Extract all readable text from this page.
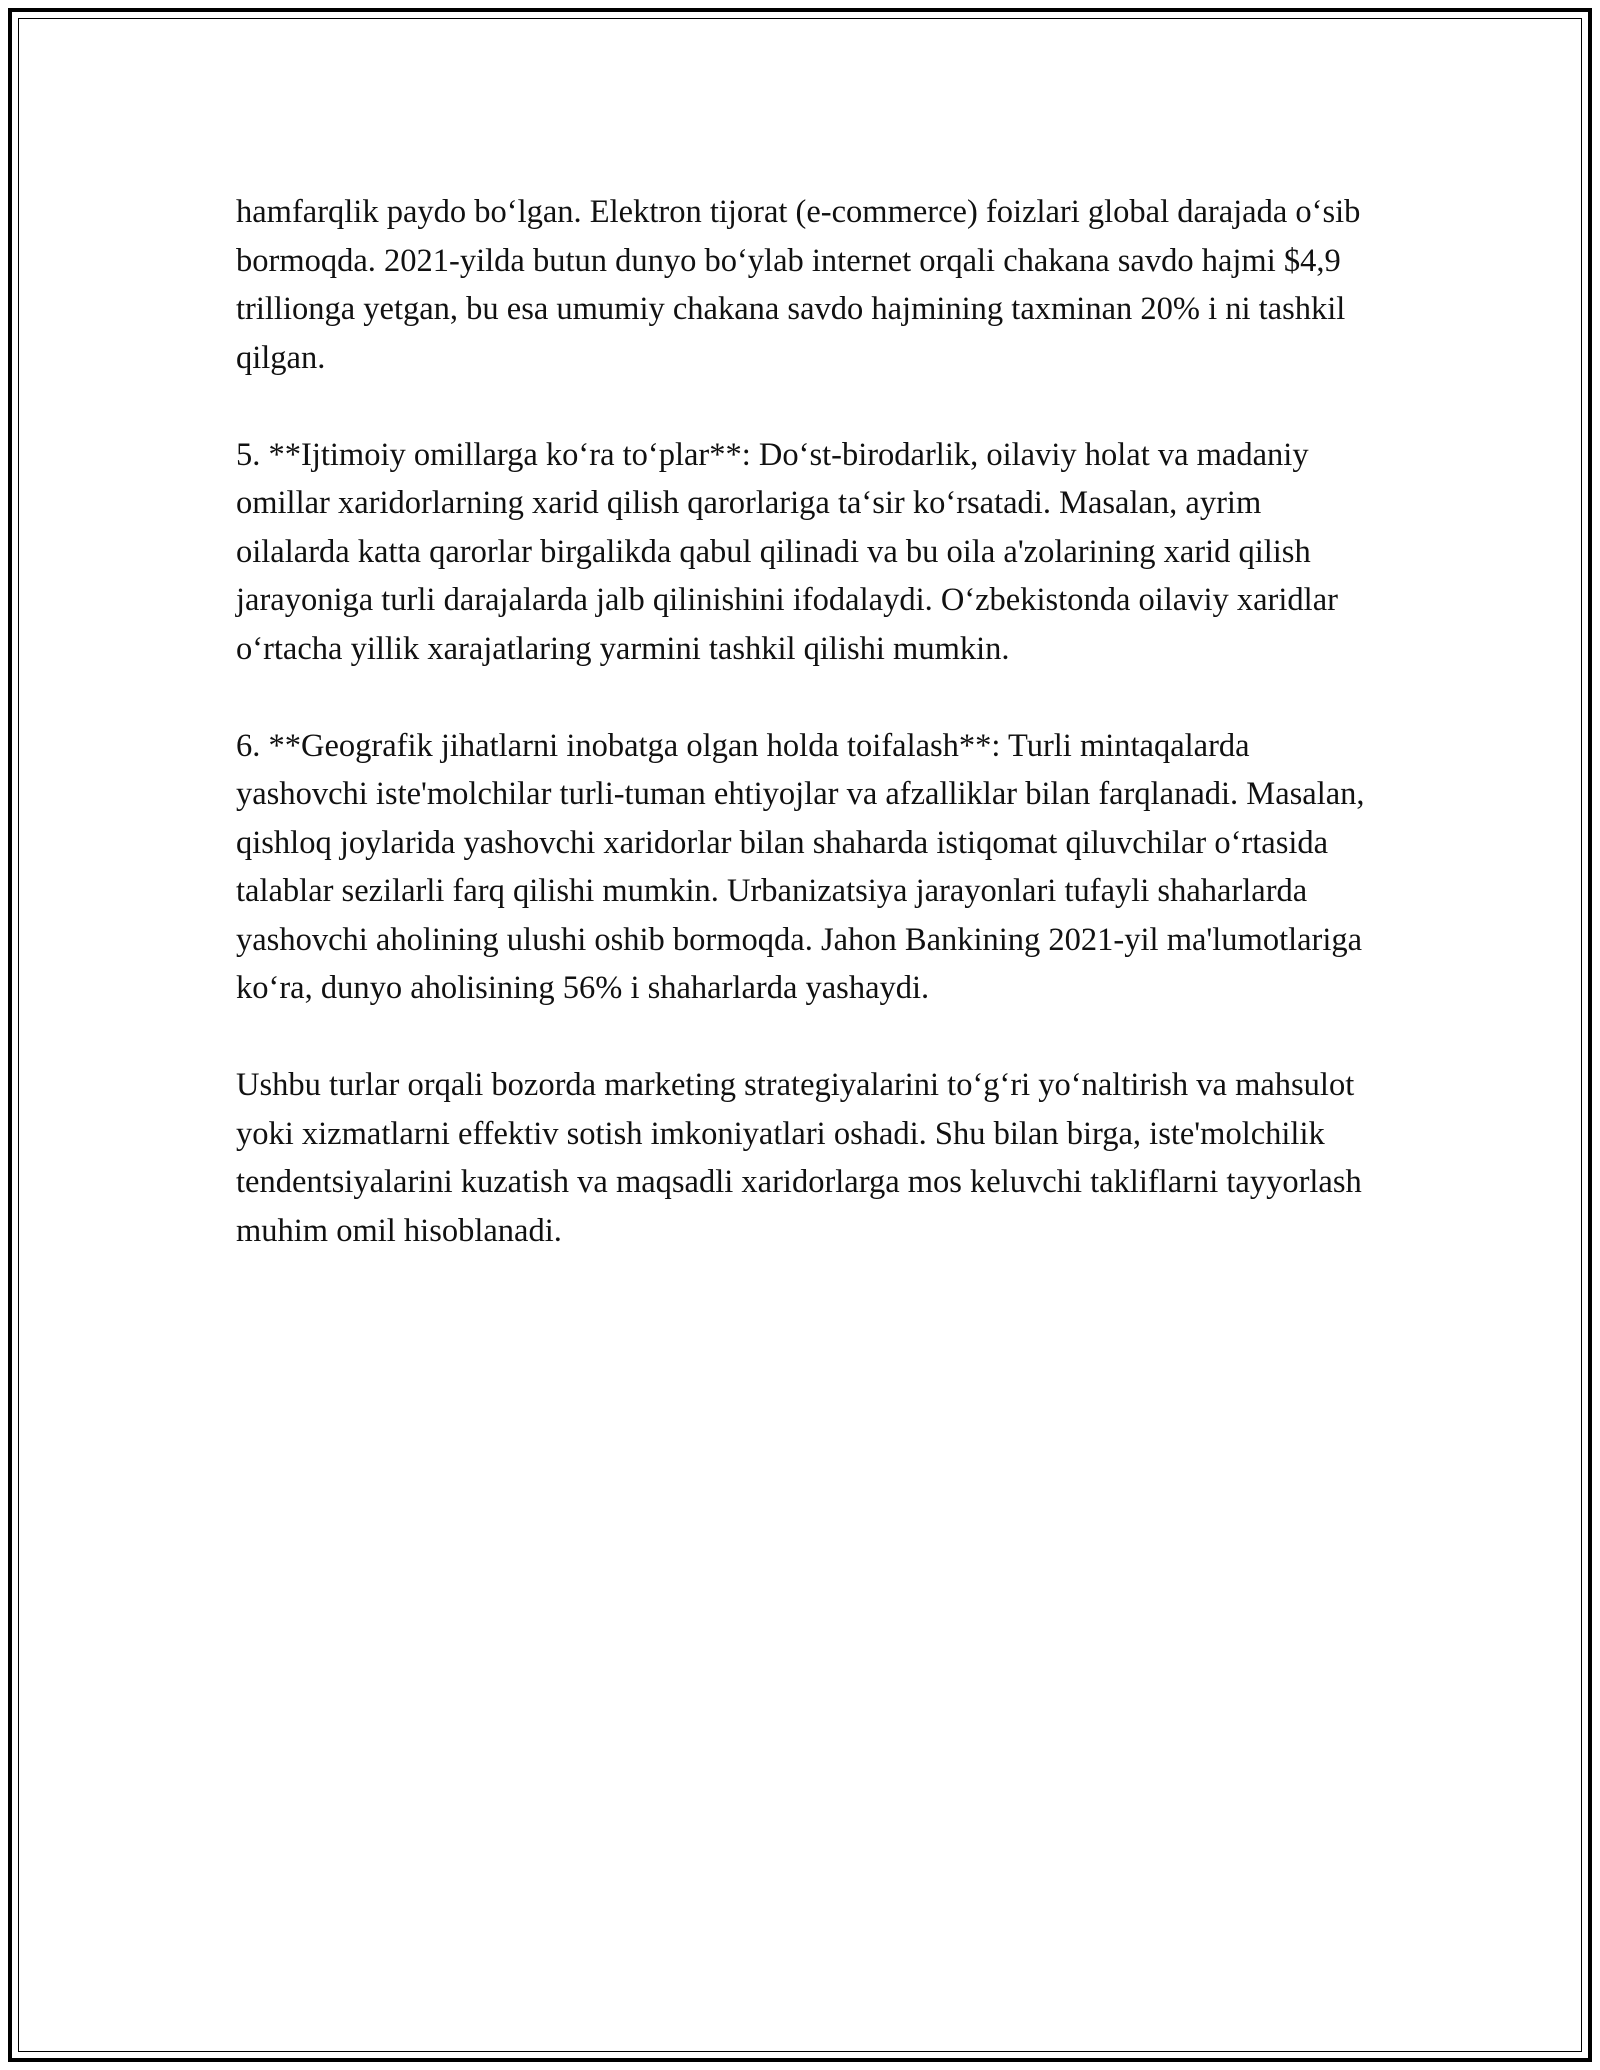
hamfarqlik paydo bo‘lgan. Elektron tijorat (e-commerce) foizlari global darajada o‘sib bormoqda. 2021-yilda butun dunyo bo‘ylab internet orqali chakana savdo hajmi $4,9 trillionga yetgan, bu esa umumiy chakana savdo hajmining taxminan 20% i ni tashkil qilgan.

5. **Ijtimoiy omillarga ko‘ra to‘plar**: Do‘st-birodarlik, oilaviy holat va madaniy omillar xaridorlarning xarid qilish qarorlariga ta‘sir ko‘rsatadi. Masalan, ayrim oilalarda katta qarorlar birgalikda qabul qilinadi va bu oila a'zolarining xarid qilish jarayoniga turli darajalarda jalb qilinishini ifodalaydi. O‘zbekistonda oilaviy xaridlar o‘rtacha yillik xarajatlaring yarmini tashkil qilishi mumkin.

6. **Geografik jihatlarni inobatga olgan holda toifalash**: Turli mintaqalarda yashovchi iste'molchilar turli-tuman ehtiyojlar va afzalliklar bilan farqlanadi. Masalan, qishloq joylarida yashovchi xaridorlar bilan shaharda istiqomat qiluvchilar o‘rtasida talablar sezilarli farq qilishi mumkin. Urbanizatsiya jarayonlari tufayli shaharlarda yashovchi aholining ulushi oshib bormoqda. Jahon Bankining 2021-yil ma'lumotlariga ko‘ra, dunyo aholisining 56% i shaharlarda yashaydi.

Ushbu turlar orqali bozorda marketing strategiyalarini to‘g‘ri yo‘naltirish va mahsulot yoki xizmatlarni effektiv sotish imkoniyatlari oshadi. Shu bilan birga, iste'molchilik tendentsiyalarini kuzatish va maqsadli xaridorlarga mos keluvchi takliflarni tayyorlash muhim omil hisoblanadi.
